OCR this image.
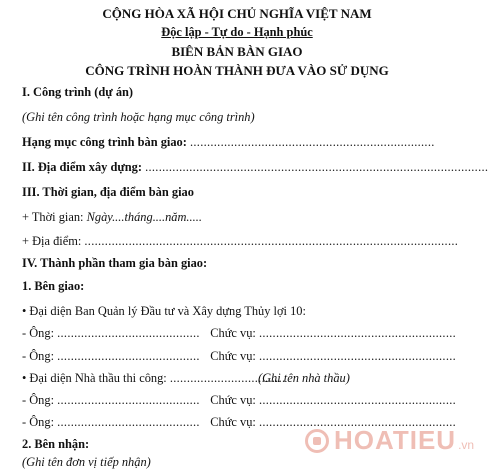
CỘNG HÒA XÃ HỘI CHỦ NGHĨA VIỆT NAM
Độc lập - Tự do - Hạnh phúc
BIÊN BẢN BÀN GIAO
CÔNG TRÌNH HOÀN THÀNH ĐƯA VÀO SỬ DỤNG
I. Công trình (dự án)
(Ghi tên công trình hoặc hạng mục công trình)
Hạng mục công trình bàn giao: ........................................................................
II. Địa điểm xây dựng: .....................................................................................................
III. Thời gian, địa điểm bàn giao
+ Thời gian: Ngày....tháng....năm.....
+ Địa điểm: ..............................................................................................................
IV. Thành phần tham gia bàn giao:
1. Bên giao:
• Đại diện Ban Quản lý Đầu tư và Xây dựng Thủy lợi 10:
- Ông: .......................................... Chức vụ: ..........................................................
- Ông: .......................................... Chức vụ: ..........................................................
• Đại diện Nhà thầu thi công: .................................. (Ghi tên nhà thầu)
- Ông: .......................................... Chức vụ: ..........................................................
- Ông: .......................................... Chức vụ: ..........................................................
2. Bên nhận:
(Ghi tên đơn vị tiếp nhận)
HOATIEU .vn
